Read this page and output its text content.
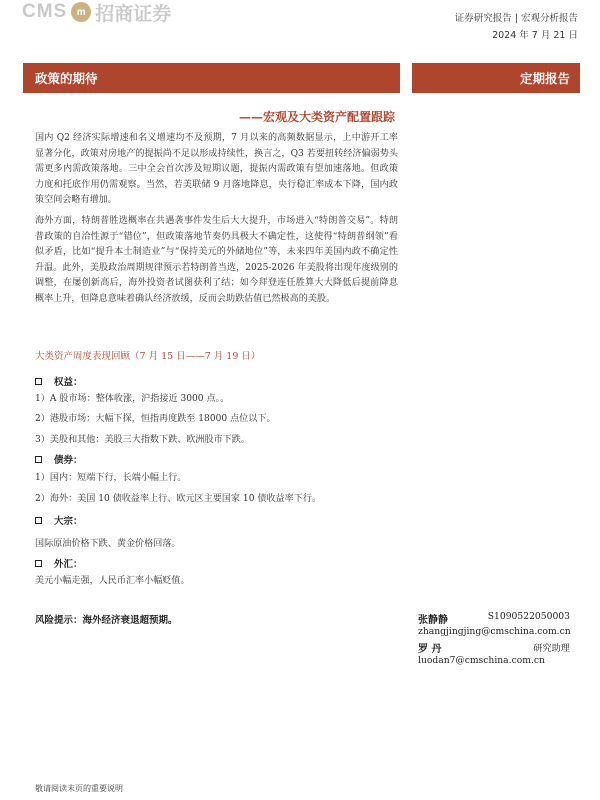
CMS m 招商证券	证券研究报告 | 宏观分析报告
2024 年 7 月 21 日
政策的期待	定期报告
——宏观及大类资产配置跟踪
国内 Q2 经济实际增速和名义增速均不及预期，7 月以来的高频数据显示，上中游开工率显著分化，政策对房地产的提振尚不足以形成持续性，换言之，Q3 若要扭转经济偏弱势头需更多内需政策落地。三中全会首次涉及短期议题，提振内需政策有望加速落地。但政策力度和托底作用仍需观察。当然，若美联储 9 月落地降息，央行稳汇率成本下降，国内政策空间会略有增加。
海外方面，特朗普胜选概率在共遇袭事件发生后大大提升，市场进入“特朗普交易”。特朗普政策的自洽性源于“错位”，但政策落地节奏仍具极大不确定性，这使得“特朗普纲领”看似矛盾，比如“提升本土制造业”与“保持美元的外储地位”等，未来四年美国内政不确定性升温。此外，美股政治周期规律预示若特朗普当选，2025-2026 年美股将出现年度级别的调整，在屡创新高后，海外投资者试图获利了结；如今拜登连任胜算大大降低后提前降息概率上升，但降息意味着确认经济放缓，反而会助跌估值已然极高的美股。
大类资产周度表现回顾（7 月 15 日——7 月 19 日）
权益：
1）A 股市场：整体收涨，沪指接近 3000 点。。
2）港股市场：大幅下探，恒指再度跌至 18000 点位以下。
3）美股和其他：美股三大指数下跌、欧洲股市下跌。
债券：
1）国内：短端下行，长端小幅上行。
2）海外：美国 10 债收益率上行、欧元区主要国家 10 债收益率下行。
大宗：
国际原油价格下跌、黄金价格回落。
外汇：
美元小幅走强，人民币汇率小幅贬值。
风险提示：海外经济衰退超预期。	张静静	S1090522050003
zhangjingjing@cmschina.com.cn
罗 丹	研究助理
luodan7@cmschina.com.cn
敬请阅读末页的重要说明
